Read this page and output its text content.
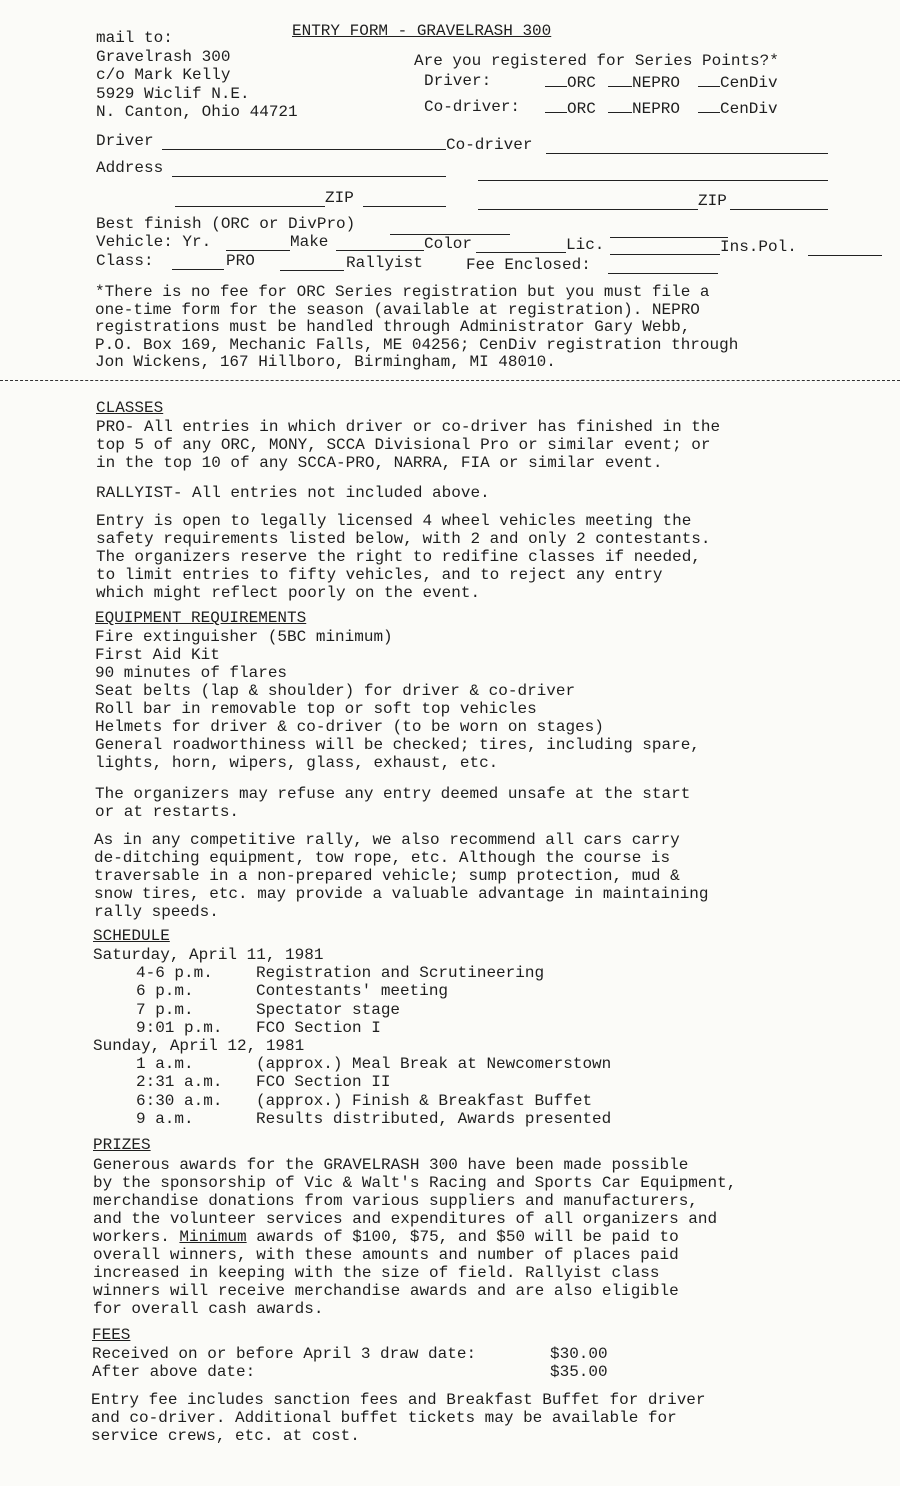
ENTRY FORM - GRAVELRASH 300
mail to:
Gravelrash 300
c/o Mark Kelly
5929 Wiclif N.E.
N. Canton, Ohio 44721
Are you registered for Series Points?*
Driver:	ORC	NEPRO	CenDiv
Co-driver:	ORC	NEPRO	CenDiv
Driver	Co-driver
Address
ZIP	ZIP
Best finish (ORC or DivPro)
Vehicle: Yr.	Make	Color	Lic.	Ins.Pol.
Class:	PRO	Rallyist	Fee Enclosed:
*There is no fee for ORC Series registration but you must file a
one-time form for the season (available at registration). NEPRO
registrations must be handled through Administrator Gary Webb,
P.O. Box 169, Mechanic Falls, ME 04256; CenDiv registration through
Jon Wickens, 167 Hillboro, Birmingham, MI 48010.
CLASSES
PRO- All entries in which driver or co-driver has finished in the
top 5 of any ORC, MONY, SCCA Divisional Pro or similar event; or
in the top 10 of any SCCA-PRO, NARRA, FIA or similar event.
RALLYIST- All entries not included above.
Entry is open to legally licensed 4 wheel vehicles meeting the
safety requirements listed below, with 2 and only 2 contestants.
The organizers reserve the right to redifine classes if needed,
to limit entries to fifty vehicles, and to reject any entry
which might reflect poorly on the event.
EQUIPMENT REQUIREMENTS
Fire extinguisher (5BC minimum)
First Aid Kit
90 minutes of flares
Seat belts (lap & shoulder) for driver & co-driver
Roll bar in removable top or soft top vehicles
Helmets for driver & co-driver (to be worn on stages)
General roadworthiness will be checked; tires, including spare,
lights, horn, wipers, glass, exhaust, etc.
The organizers may refuse any entry deemed unsafe at the start
or at restarts.
As in any competitive rally, we also recommend all cars carry
de-ditching equipment, tow rope, etc. Although the course is
traversable in a non-prepared vehicle; sump protection, mud &
snow tires, etc. may provide a valuable advantage in maintaining
rally speeds.
SCHEDULE
Saturday, April 11, 1981
4-6 p.m.	Registration and Scrutineering
6 p.m.	Contestants' meeting
7 p.m.	Spectator stage
9:01 p.m.	FCO Section I
Sunday, April 12, 1981
1 a.m.	(approx.) Meal Break at Newcomerstown
2:31 a.m.	FCO Section II
6:30 a.m.	(approx.) Finish & Breakfast Buffet
9 a.m.	Results distributed, Awards presented
PRIZES
Generous awards for the GRAVELRASH 300 have been made possible
by the sponsorship of Vic & Walt's Racing and Sports Car Equipment,
merchandise donations from various suppliers and manufacturers,
and the volunteer services and expenditures of all organizers and
workers. Minimum awards of $100, $75, and $50 will be paid to
overall winners, with these amounts and number of places paid
increased in keeping with the size of field. Rallyist class
winners will receive merchandise awards and are also eligible
for overall cash awards.
FEES
Received on or before April 3 draw date:	$30.00
After above date:	$35.00
Entry fee includes sanction fees and Breakfast Buffet for driver
and co-driver. Additional buffet tickets may be available for
service crews, etc. at cost.
